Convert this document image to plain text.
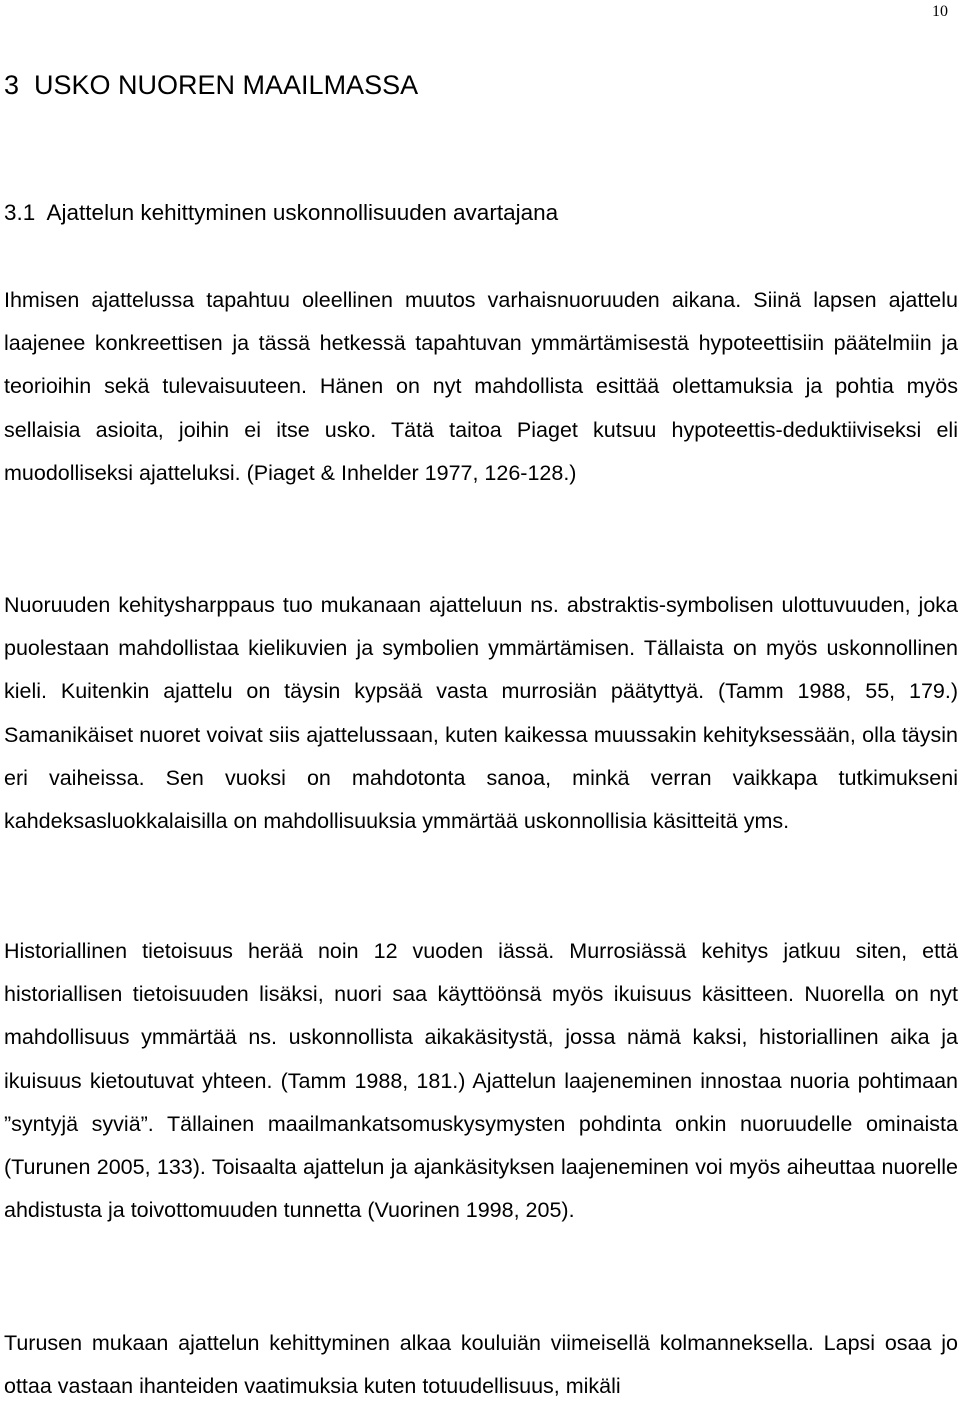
10
3  USKO NUOREN MAAILMASSA
3.1  Ajattelun kehittyminen uskonnollisuuden avartajana

Ihmisen ajattelussa tapahtuu oleellinen muutos varhaisnuoruuden aikana. Siinä lapsen ajattelu laajenee konkreettisen ja tässä hetkessä tapahtuvan ymmärtämisestä hypoteettisiin päätelmiin ja teorioihin sekä tulevaisuuteen. Hänen on nyt mahdollista esittää olettamuksia ja pohtia myös sellaisia asioita, joihin ei itse usko. Tätä taitoa Piaget kutsuu hypoteettis-deduktiiviseksi eli muodolliseksi ajatteluksi. (Piaget & Inhelder 1977, 126-128.)

Nuoruuden kehitysharppaus tuo mukanaan ajatteluun ns. abstraktis-symbolisen ulottuvuuden, joka puolestaan mahdollistaa kielikuvien ja symbolien ymmärtämisen. Tällaista on myös uskonnollinen kieli. Kuitenkin ajattelu on täysin kypsää vasta murrosiän päätyttyä. (Tamm 1988, 55, 179.) Samanikäiset nuoret voivat siis ajattelussaan, kuten kaikessa muussakin kehityksessään, olla täysin eri vaiheissa. Sen vuoksi on mahdotonta sanoa, minkä verran vaikkapa tutkimukseni kahdeksasluokkalaisilla on mahdollisuuksia ymmärtää uskonnollisia käsitteitä yms.

Historiallinen tietoisuus herää noin 12 vuoden iässä. Murrosiässä kehitys jatkuu siten, että historiallisen tietoisuuden lisäksi, nuori saa käyttöönsä myös ikuisuus käsitteen. Nuorella on nyt mahdollisuus ymmärtää ns. uskonnollista aikakäsitystä, jossa nämä kaksi, historiallinen aika ja ikuisuus kietoutuvat yhteen. (Tamm 1988, 181.) Ajattelun laajeneminen innostaa nuoria pohtimaan ”syntyjä syviä”. Tällainen maailmankatsomuskysymysten pohdinta onkin nuoruudelle ominaista (Turunen 2005, 133). Toisaalta ajattelun ja ajankäsityksen laajeneminen voi myös aiheuttaa nuorelle ahdistusta ja toivottomuuden tunnetta (Vuorinen 1998, 205).

Turusen mukaan ajattelun kehittyminen alkaa kouluiän viimeisellä kolmanneksella. Lapsi osaa jo ottaa vastaan ihanteiden vaatimuksia kuten totuudellisuus, mikäli
